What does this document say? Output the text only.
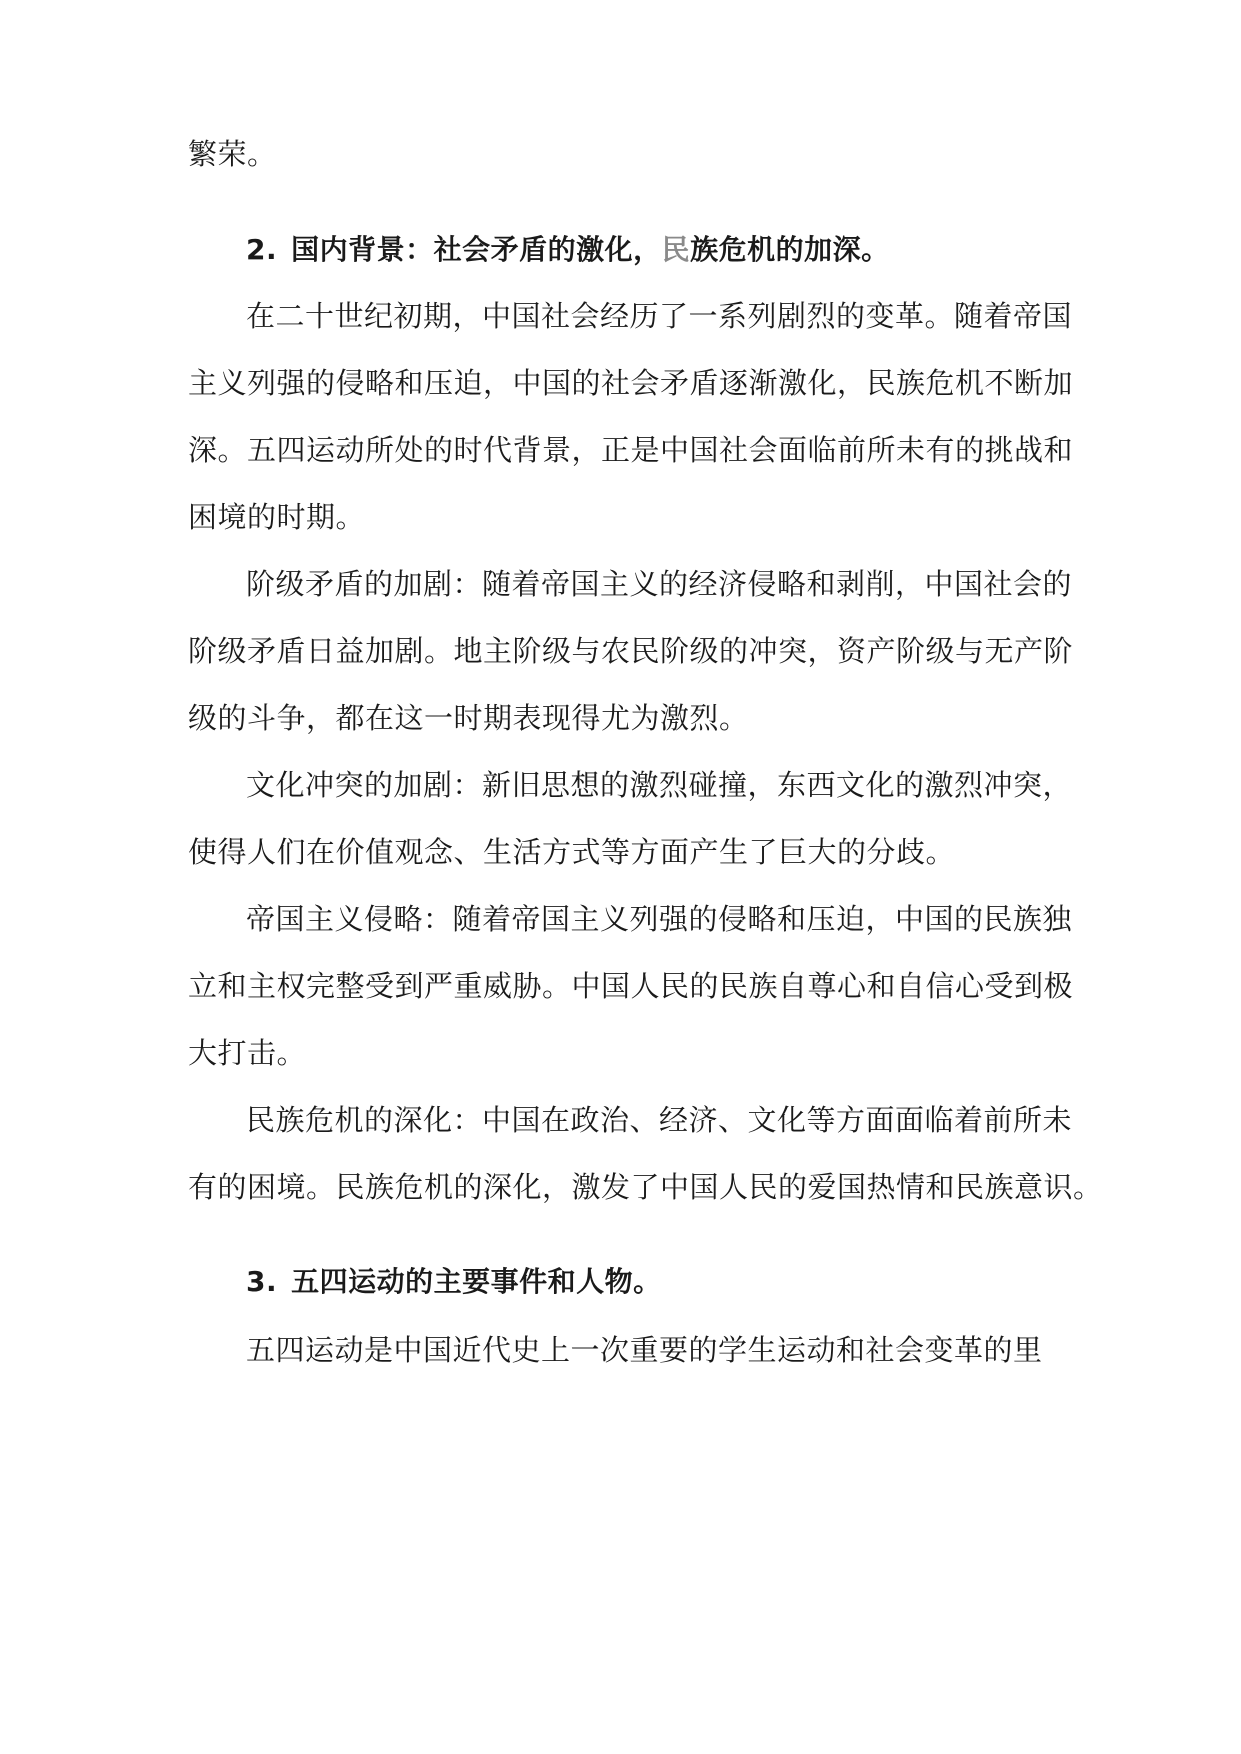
繁荣。
2. 国内背景：社会矛盾的激化，民族危机的加深。
在二十世纪初期，中国社会经历了一系列剧烈的变革。随着帝国
主义列强的侵略和压迫，中国的社会矛盾逐渐激化，民族危机不断加
深。五四运动所处的时代背景，正是中国社会面临前所未有的挑战和
困境的时期。
阶级矛盾的加剧：随着帝国主义的经济侵略和剥削，中国社会的
阶级矛盾日益加剧。地主阶级与农民阶级的冲突，资产阶级与无产阶
级的斗争，都在这一时期表现得尤为激烈。
文化冲突的加剧：新旧思想的激烈碰撞，东西文化的激烈冲突，
使得人们在价值观念、生活方式等方面产生了巨大的分歧。
帝国主义侵略：随着帝国主义列强的侵略和压迫，中国的民族独
立和主权完整受到严重威胁。中国人民的民族自尊心和自信心受到极
大打击。
民族危机的深化：中国在政治、经济、文化等方面面临着前所未
有的困境。民族危机的深化，激发了中国人民的爱国热情和民族意识。
3. 五四运动的主要事件和人物。
五四运动是中国近代史上一次重要的学生运动和社会变革的里
